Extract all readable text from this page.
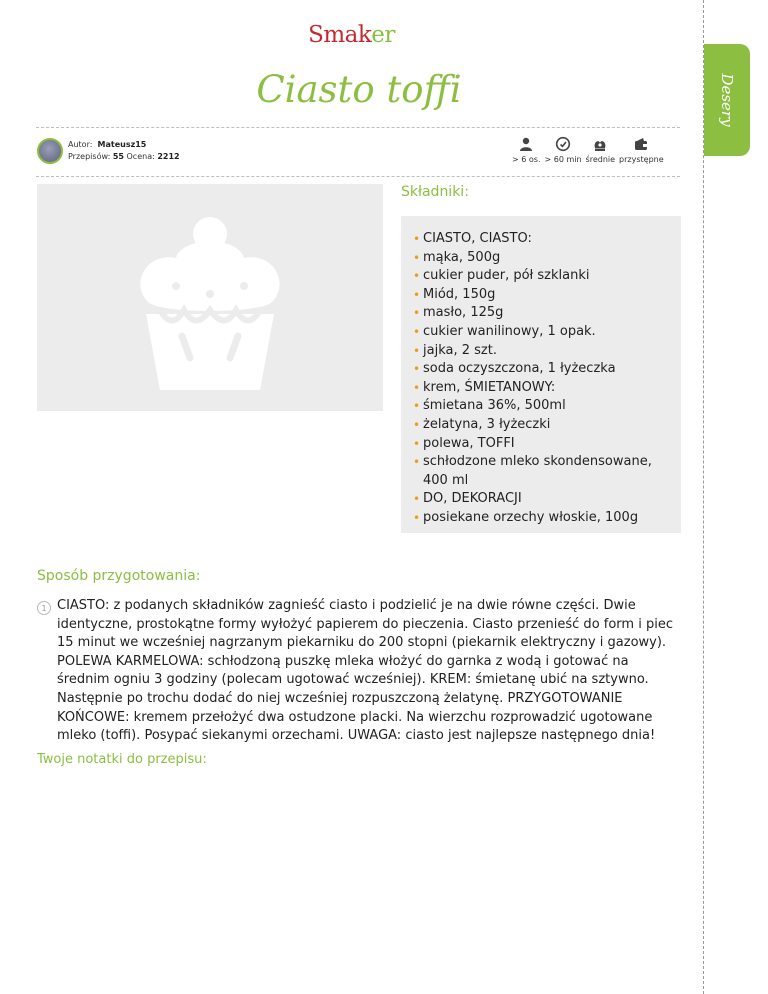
Desery
Smaker
Ciasto toffi
Autor: Mateusz15
Przepisów: 55 Ocena: 2212	> 6 os. > 60 min średnie przystępne
Składniki:
• CIASTO, CIASTO:
• mąka, 500g
• cukier puder, pół szklanki
• Miód, 150g
• masło, 125g
• cukier wanilinowy, 1 opak.
• jajka, 2 szt.
• soda oczyszczona, 1 łyżeczka
• krem, ŚMIETANOWY:
• śmietana 36%, 500ml
• żelatyna, 3 łyżeczki
• polewa, TOFFI
• schłodzone mleko skondensowane, 400 ml
• DO, DEKORACJI
• posiekane orzechy włoskie, 100g
Sposób przygotowania:
1 CIASTO: z podanych składników zagnieść ciasto i podzielić je na dwie równe części. Dwie identyczne, prostokątne formy wyłożyć papierem do pieczenia. Ciasto przenieść do form i piec 15 minut we wcześniej nagrzanym piekarniku do 200 stopni (piekarnik elektryczny i gazowy). POLEWA KARMELOWA: schłodzoną puszkę mleka włożyć do garnka z wodą i gotować na średnim ogniu 3 godziny (polecam ugotować wcześniej). KREM: śmietanę ubić na sztywno. Następnie po trochu dodać do niej wcześniej rozpuszczoną żelatynę. PRZYGOTOWANIE KOŃCOWE: kremem przełożyć dwa ostudzone placki. Na wierzchu rozprowadzić ugotowane mleko (toffi). Posypać siekanymi orzechami. UWAGA: ciasto jest najlepsze następnego dnia!
Twoje notatki do przepisu:
